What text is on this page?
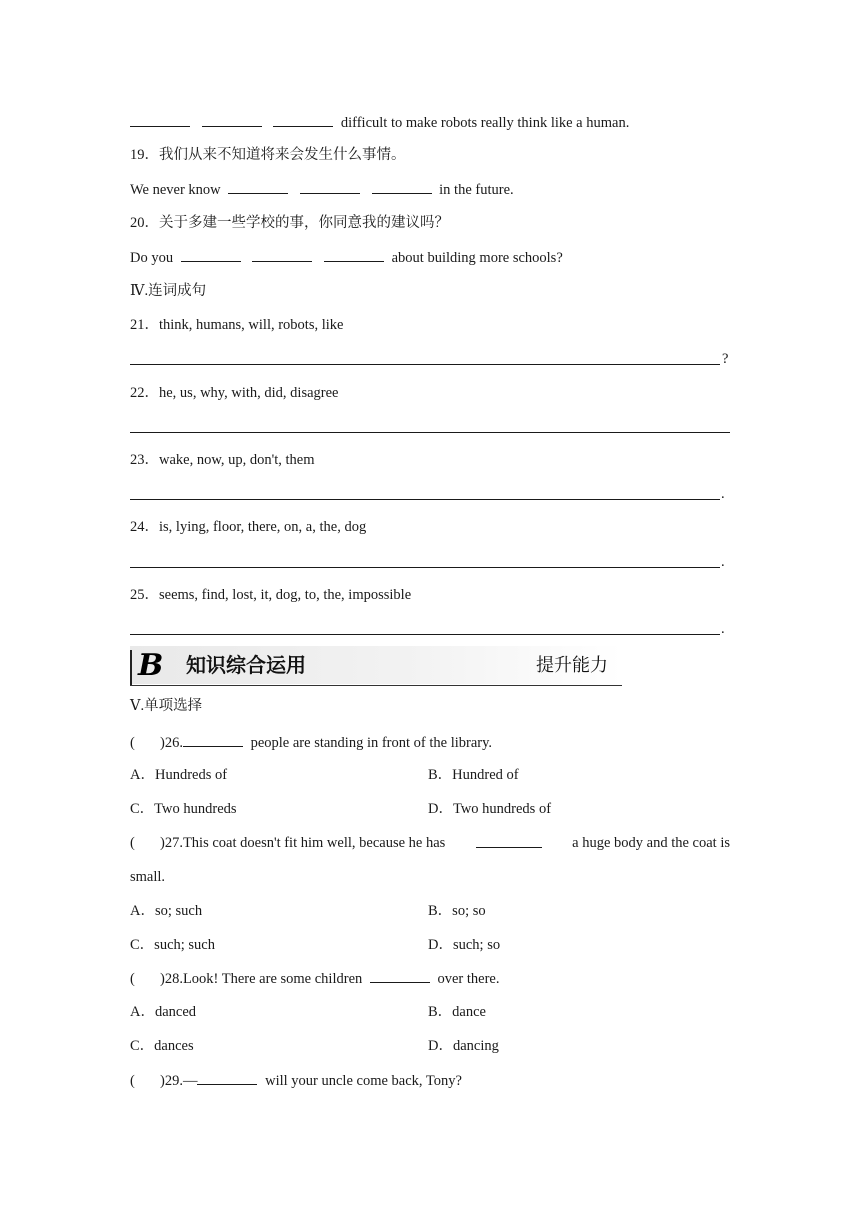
difficult to make robots really think like a human.
19．我们从来不知道将来会发生什么事情。
We never know	in the future.
20．关于多建一些学校的事，你同意我的建议吗？
Do you	about building more schools?
Ⅳ.连词成句
21．think, humans, will, robots, like
?
22．he, us, why, with, did, disagree
23．wake, now, up, don't, them
.
24．is, lying, floor, there, on, a, the, dog
.
25．seems, find, lost, it, dog, to, the, impossible
.
B 知识综合运用	提升能力
Ⅴ.单项选择
( )26.	people are standing in front of the library.
A．Hundreds of	B．Hundred of
C．Two hundreds	D．Two hundreds of
( )27.This coat doesn't fit him well, because he has	a huge body and the coat is
small.
A．so; such	B．so; so
C．such; such	D．such; so
( )28.Look! There are some children	over there.
A．danced	B．dance
C．dances	D．dancing
( )29.—	will your uncle come back, Tony?
